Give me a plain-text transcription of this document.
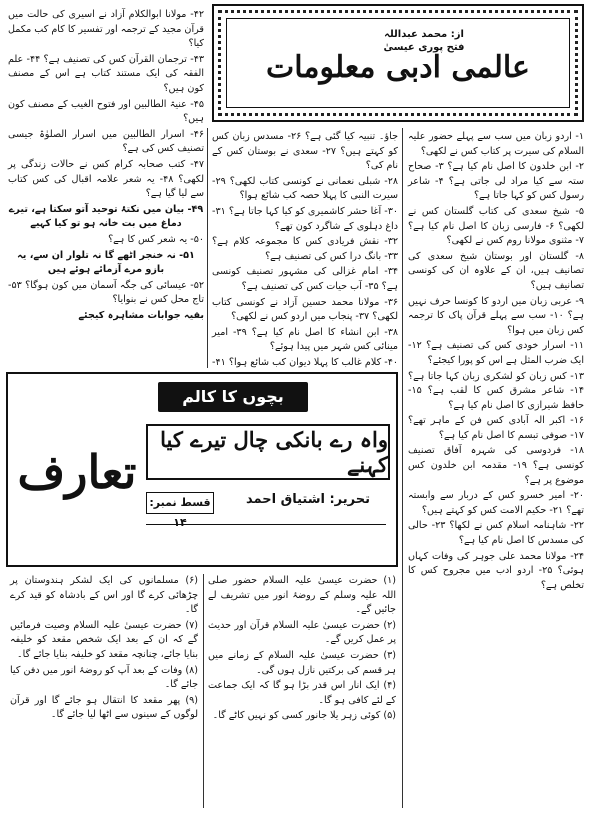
از: محمد عبداللہ فتح پوری عیسیٰ
عالمی ادبی معلومات

۴۲- مولانا ابوالکلام آزاد نے اسیری کی حالت میں قرآن مجید کے ترجمہ اور تفسیر کا کام کب مکمل کیا؟

۴۳- ترجمان القرآن کس کی تصنیف ہے؟ ۴۴- علم الفقہ کی ایک مستند کتاب ہے اس کے مصنف کون ہیں؟

۴۵- عنیۃ الطالبین اور فتوح الغیب کے مصنف کون ہیں؟

۴۶- اسرار الطالبین میں اسرار الصلوٰۃ جیسی تصنیف کس کی ہے؟

۴۷- کتب صحابہ کرام کس نے حالات زندگی پر لکھی؟ ۴۸- یہ شعر علامہ اقبال کی کس کتاب سے لیا گیا ہے؟

۴۹- بیان میں نکتۂ توحید آتو سکتا ہے، تیرے دماغ میں بت خانہ ہو تو کیا کہیے

۵۰- یہ شعر کس کا ہے؟

۵۱- نہ خنجر اٹھے گا نہ تلوار ان سے، یہ بازو مرے آزمائے ہوئے ہیں

۵۲- عیسائی کی جگہ آسمان میں کون ہوگا؟ ۵۳- تاج محل کس نے بنوایا؟

بقیہ جوابات مشاہرہ کیجئے

جاؤ۔ تنبیہ کیا گئی ہے؟ ۲۶- مسدس زبان کس کو کہتے ہیں؟ ۲۷- سعدی نے بوستان کس کے نام کی؟

۲۸- شبلی نعمانی نے کونسی کتاب لکھی؟ ۲۹- سیرت النبی کا پہلا حصہ کب شائع ہوا؟

۳۰- آغا حشر کاشمیری کو کیا کہا جاتا ہے؟ ۳۱- داغ دہلوی کے شاگرد کون تھے؟

۳۲- نقش فریادی کس کا مجموعہ کلام ہے؟ ۳۳- بانگ درا کس کی تصنیف ہے؟

۳۴- امام غزالی کی مشہور تصنیف کونسی ہے؟ ۳۵- آب حیات کس کی تصنیف ہے؟

۳۶- مولانا محمد حسین آزاد نے کونسی کتاب لکھی؟ ۳۷- پنجاب میں اردو کس نے لکھی؟

۳۸- ابن انشاء کا اصل نام کیا ہے؟ ۳۹- امیر مینائی کس شہر میں پیدا ہوئے؟

۴۰- کلام غالب کا پہلا دیوان کب شائع ہوا؟ ۴۱-

۱- اردو زبان میں سب سے پہلے حضور علیہ السلام کی سیرت پر کتاب کس نے لکھی؟

۲- ابن خلدون کا اصل نام کیا ہے؟ ۳- صحاح ستہ سے کیا مراد لی جاتی ہے؟ ۴- شاعر رسول کس کو کہا جاتا ہے؟

۵- شیخ سعدی کی کتاب گلستان کس نے لکھی؟ ۶- فارسی زبان کا اصل نام کیا ہے؟ ۷- مثنوی مولانا روم کس نے لکھی؟

۸- گلستان اور بوستان شیخ سعدی کی تصانیف ہیں، ان کے علاوہ ان کی کونسی تصانیف ہیں؟

۹- عربی زبان میں اردو کا کونسا حرف نہیں ہے؟ ۱۰- سب سے پہلے قرآن پاک کا ترجمہ کس زبان میں ہوا؟

۱۱- اسرار خودی کس کی تصنیف ہے؟ ۱۲- ایک ضرب المثل ہے اس کو پورا کیجئے؟

۱۳- کس زبان کو لشکری زبان کہا جاتا ہے؟ ۱۴- شاعر مشرق کس کا لقب ہے؟ ۱۵- حافظ شیرازی کا اصل نام کیا ہے؟

۱۶- اکبر الہ آبادی کس فن کے ماہر تھے؟ ۱۷- صوفی تبسم کا اصل نام کیا ہے؟

۱۸- فردوسی کی شہرہ آفاق تصنیف کونسی ہے؟ ۱۹- مقدمہ ابن خلدون کس موضوع پر ہے؟

۲۰- امیر خسرو کس کے دربار سے وابستہ تھے؟ ۲۱- حکیم الامت کس کو کہتے ہیں؟

۲۲- شاہنامہ اسلام کس نے لکھا؟ ۲۳- حالی کی مسدس کا اصل نام کیا ہے؟

۲۴- مولانا محمد علی جوہر کی وفات کہاں ہوئی؟ ۲۵- اردو ادب میں مجروح کس کا تخلص ہے؟

بچوں کا کالم
تعارف
واہ رے بانکی چال تیرے کیا کہنے
تحریر: اشتیاق احمد
قسط نمبر: ۱۴

(۱) حضرت عیسیٰ علیہ السلام حضور صلی اللہ علیہ وسلم کے روضۂ انور میں تشریف لے جائیں گے۔

(۲) حضرت عیسیٰ علیہ السلام قرآن اور حدیث پر عمل کریں گے۔

(۳) حضرت عیسیٰ علیہ السلام کے زمانے میں ہر قسم کی برکتیں نازل ہوں گی۔

(۴) ایک انار اس قدر بڑا ہو گا کہ ایک جماعت کے لئے کافی ہو گا۔

(۵) کوئی زہر یلا جانور کسی کو نہیں کاٹے گا۔

(۶) مسلمانوں کی ایک لشکر ہندوستان پر چڑھائی کرے گا اور اس کے بادشاہ کو قید کرے گا۔

(۷) حضرت عیسیٰ علیہ السلام وصیت فرمائیں گے کہ ان کے بعد ایک شخص مقعد کو خلیفہ بنایا جائے، چنانچہ مقعد کو خلیفہ بنایا جائے گا۔

(۸) وفات کے بعد آپ کو روضۂ انور میں دفن کیا جائے گا۔

(۹) پھر مقعد کا انتقال ہو جائے گا اور قرآن لوگوں کے سینوں سے اٹھا لیا جائے گا۔
